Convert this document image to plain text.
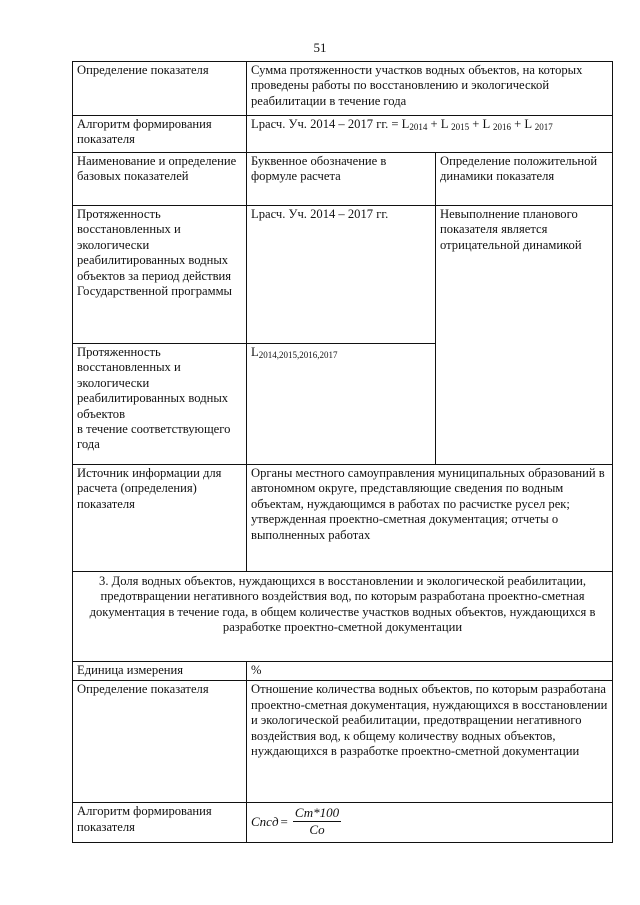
51
Определение показателя	Сумма протяженности участков водных объектов, на которых проведены работы по восстановлению и экологической реабилитации в течение года	
Алгоритм формирования показателя	Lрасч. Уч. 2014 – 2017 гг. = $L_{2014} + L$ $_{2015}$ + L $_{2016}$ + L $_{2017}$
Наименование и определение базовых показателей	Буквенное обозначение в формуле расчета	Определение положительной динамики показателя
Протяженность восстановленных и экологически реабилитированных водных объектов за период действия Государственной программы	Lрасч. Уч. 2014 – 2017 гг.	Невыполнение планового показателя является отрицательной динамикой
Протяженность восстановленных и экологически реабилитированных водных объектов
в течение соответствующего года	$L_{2014,2015,2016,2017}$
Источник информации для расчета (определения) показателя	Органы местного самоуправления муниципальных образований в автономном округе, представляющие сведения по водным объектам, нуждающимся в работах по расчистке русел рек; утвержденная проектно-сметная документация; отчеты о выполненных работах	
3. Доля водных объектов, нуждающихся в восстановлении и экологической реабилитации, предотвращении негативного воздействия вод, по которым разработана проектно-сметная документация в течение года, в общем количестве участков водных объектов, нуждающихся в разработке проектно-сметной документации		
Единица измерения	%	
Определение показателя	Отношение количества водных объектов, по которым разработана проектно-сметная документация, нуждающихся в восстановлении и экологической реабилитации, предотвращении негативного воздействия вод, к общему количеству водных объектов, нуждающихся в разработке проектно-сметной документации	
Алгоритм формирования показателя	Спсд = $\frac{Ст*100}{Со}$
